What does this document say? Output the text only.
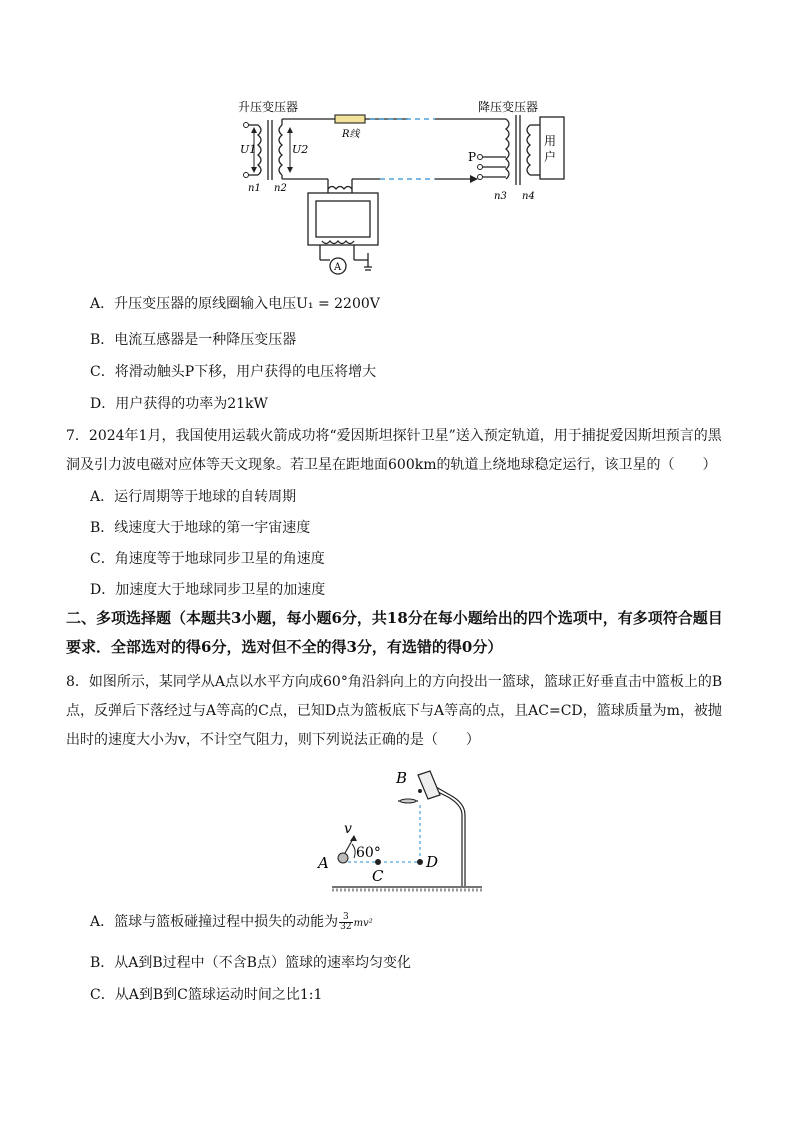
升压变压器	降压变压器
R线
U1	U2
n1 n2
n3 n4
P
用
户
A
A．升压变压器的原线圈输入电压U₁ = 2200V
B．电流互感器是一种降压变压器
C．将滑动触头P下移，用户获得的电压将增大
D．用户获得的功率为21kW
7．2024年1月，我国使用运载火箭成功将“爱因斯坦探针卫星”送入预定轨道，用于捕捉爱因斯坦预言的黑洞及引力波电磁对应体等天文现象。若卫星在距地面600km的轨道上绕地球稳定运行，该卫星的（　　）
A．运行周期等于地球的自转周期
B．线速度大于地球的第一宇宙速度
C．角速度等于地球同步卫星的角速度
D．加速度大于地球同步卫星的加速度
二、多项选择题（本题共3小题，每小题6分，共18分在每小题给出的四个选项中，有多项符合题目要求．全部选对的得6分，选对但不全的得3分，有选错的得0分）
8．如图所示，某同学从A点以水平方向成60°角沿斜向上的方向投出一篮球，篮球正好垂直击中篮板上的B点，反弹后下落经过与A等高的C点，已知D点为篮板底下与A等高的点，且AC=CD，篮球质量为m，被抛出时的速度大小为v，不计空气阻力，则下列说法正确的是（　　）
B
v
60°
A
C
D
A．篮球与篮板碰撞过程中损失的动能为 $\frac{3}{32} mv^2$
B．从A到B过程中（不含B点）篮球的速率均匀变化
C．从A到B到C篮球运动时间之比1:1
